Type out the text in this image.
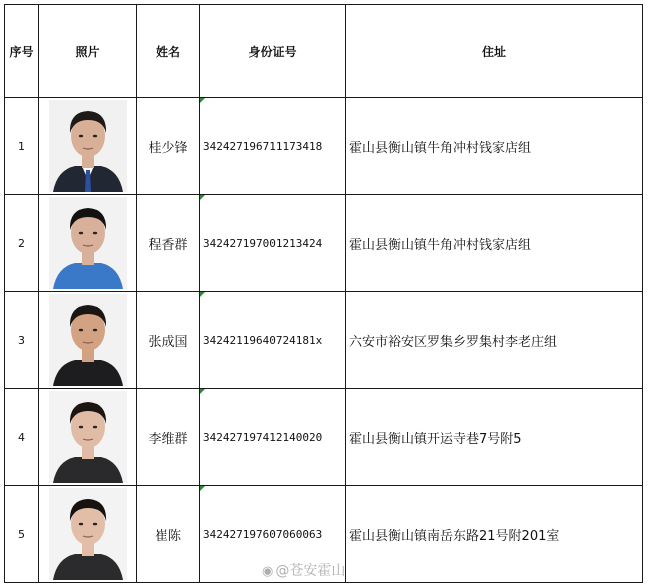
序号	照片	姓名	身份证号	住址
1		桂少锋	342427196711173418	霍山县衡山镇牛角冲村钱家店组
2		程香群	342427197001213424	霍山县衡山镇牛角冲村钱家店组
3		张成国	34242119640724181x	六安市裕安区罗集乡罗集村李老庄组
4		李维群	342427197412140020	霍山县衡山镇开运寺巷7号附5
5		崔陈	342427197607060063	霍山县衡山镇南岳东路21号附201室
◉ @苍安霍山
